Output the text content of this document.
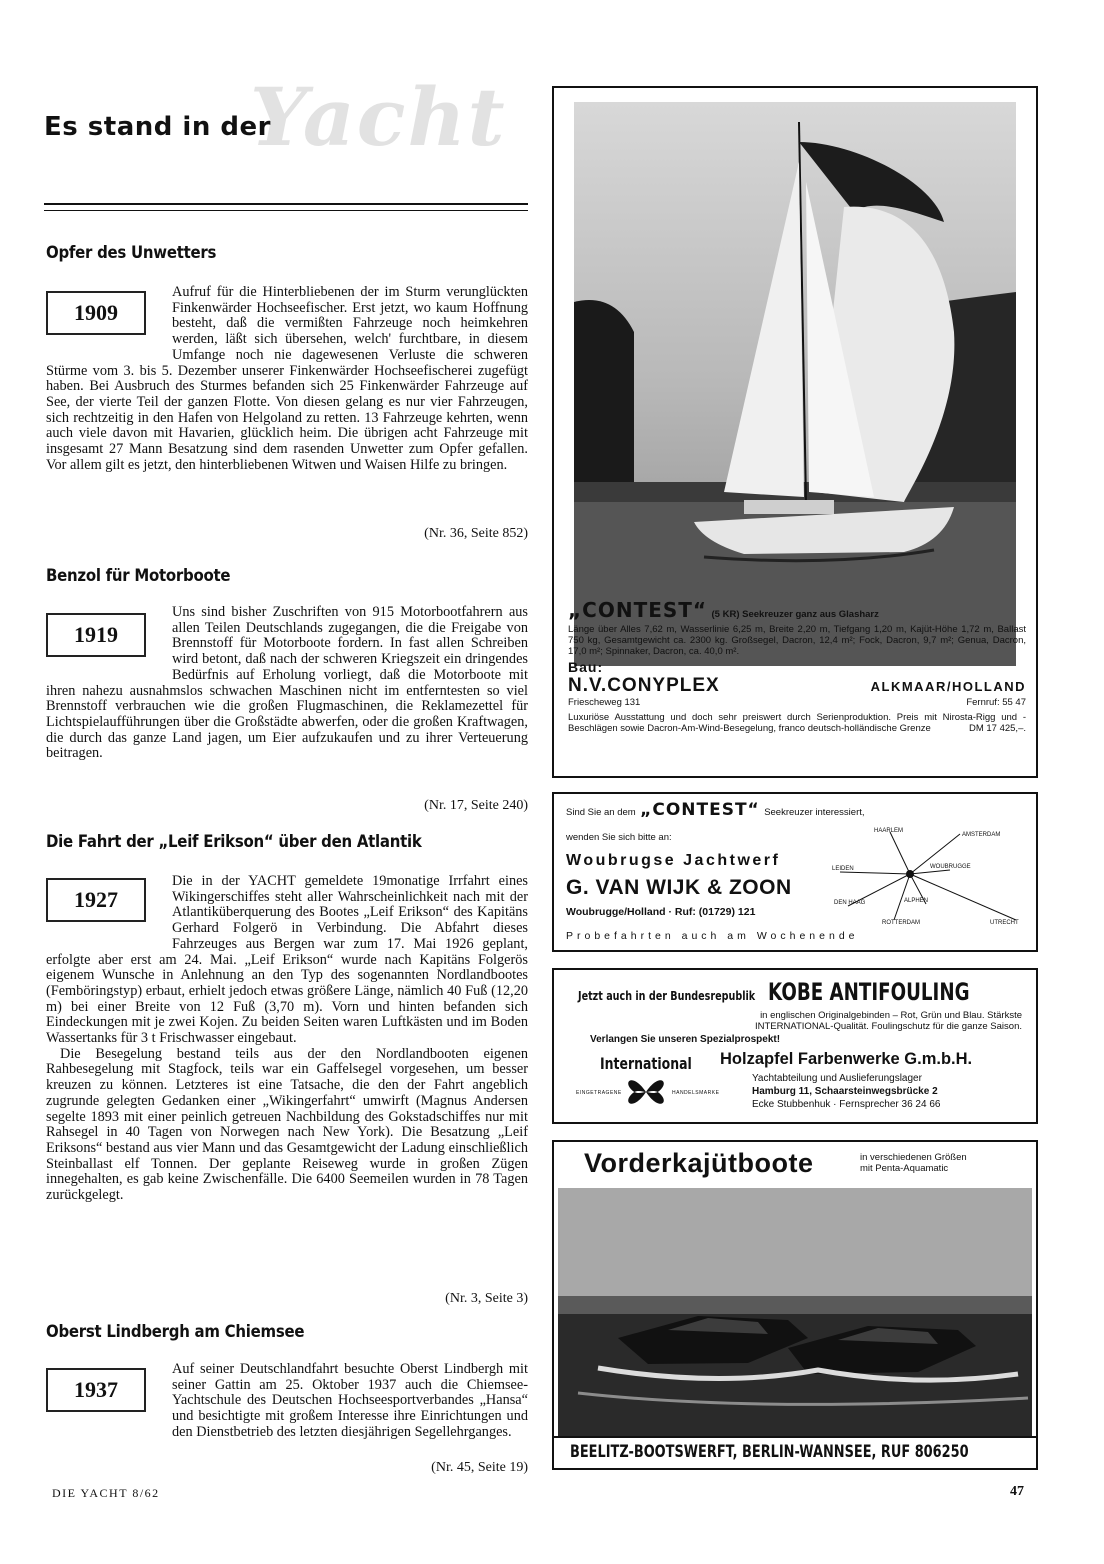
Yacht
Es stand in der
Opfer des Unwetters
1909
Aufruf für die Hinterbliebenen der im Sturm verunglückten Finkenwärder Hochseefischer. Erst jetzt, wo kaum Hoffnung besteht, daß die vermißten Fahrzeuge noch heimkehren werden, läßt sich übersehen, welch' furchtbare, in diesem Umfange noch nie dagewesenen Verluste die schweren Stürme vom 3. bis 5. Dezember unserer Finkenwärder Hochseefischerei zugefügt haben. Bei Ausbruch des Sturmes befanden sich 25 Finkenwärder Fahrzeuge auf See, der vierte Teil der ganzen Flotte. Von diesen gelang es nur vier Fahrzeugen, sich rechtzeitig in den Hafen von Helgoland zu retten. 13 Fahrzeuge kehrten, wenn auch viele davon mit Havarien, glücklich heim. Die übrigen acht Fahrzeuge mit insgesamt 27 Mann Besatzung sind dem rasenden Unwetter zum Opfer gefallen. Vor allem gilt es jetzt, den hinterbliebenen Witwen und Waisen Hilfe zu bringen.
(Nr. 36, Seite 852)
Benzol für Motorboote
1919
Uns sind bisher Zuschriften von 915 Motorbootfahrern aus allen Teilen Deutschlands zugegangen, die die Freigabe von Brennstoff für Motorboote fordern. In fast allen Schreiben wird betont, daß nach der schweren Kriegszeit ein dringendes Bedürfnis auf Erholung vorliegt, daß die Motorboote mit ihren nahezu ausnahmslos schwachen Maschinen nicht im entferntesten so viel Brennstoff verbrauchen wie die großen Flugmaschinen, die Reklamezettel für Lichtspielaufführungen über die Großstädte abwerfen, oder die großen Kraftwagen, die durch das ganze Land jagen, um Eier aufzukaufen und zu ihrer Verteuerung beitragen.
(Nr. 17, Seite 240)
Die Fahrt der „Leif Erikson“ über den Atlantik
1927
Die in der YACHT gemeldete 19monatige Irrfahrt eines Wikingerschiffes steht aller Wahrscheinlichkeit nach mit der Atlantiküberquerung des Bootes „Leif Erikson“ des Kapitäns Gerhard Folgerö in Verbindung. Die Abfahrt dieses Fahrzeuges aus Bergen war zum 17. Mai 1926 geplant, erfolgte aber erst am 24. Mai. „Leif Erikson“ wurde nach Kapitäns Folgerös eigenem Wunsche in Anlehnung an den Typ des sogenannten Nordlandbootes (Femböringstyp) erbaut, erhielt jedoch etwas größere Länge, nämlich 40 Fuß (12,20 m) bei einer Breite von 12 Fuß (3,70 m). Vorn und hinten befanden sich Eindeckungen mit je zwei Kojen. Zu beiden Seiten waren Luftkästen und im Boden Wassertanks für 3 t Frischwasser eingebaut.
Die Besegelung bestand teils aus der den Nordlandbooten eigenen Rahbesegelung mit Stagfock, teils war ein Gaffelsegel vorgesehen, um besser kreuzen zu können. Letzteres ist eine Tatsache, die den der Fahrt angeblich zugrunde gelegten Gedanken einer „Wikingerfahrt“ umwirft (Magnus Andersen segelte 1893 mit einer peinlich getreuen Nachbildung des Gokstadschiffes nur mit Rahsegel in 40 Tagen von Norwegen nach New York). Die Besatzung „Leif Eriksons“ bestand aus vier Mann und das Gesamtgewicht der Ladung einschließlich Steinballast elf Tonnen. Der geplante Reiseweg wurde in großen Zügen innegehalten, es gab keine Zwischenfälle. Die 6400 Seemeilen wurden in 78 Tagen zurückgelegt.
(Nr. 3, Seite 3)
Oberst Lindbergh am Chiemsee
1937
Auf seiner Deutschlandfahrt besuchte Oberst Lindbergh mit seiner Gattin am 25. Oktober 1937 auch die Chiemsee-Yachtschule des Deutschen Hochseesportverbandes „Hansa“ und besichtigte mit großem Interesse ihre Einrichtungen und den Dienstbetrieb des letzten diesjährigen Segellehrganges.
(Nr. 45, Seite 19)
DIE YACHT 8/62	47
„CONTEST“ (5 KR) Seekreuzer ganz aus Glasharz
Länge über Alles 7,62 m, Wasserlinie 6,25 m, Breite 2,20 m, Tiefgang 1,20 m, Kajüt-Höhe 1,72 m, Ballast 750 kg, Gesamtgewicht ca. 2300 kg. Großsegel, Dacron, 12,4 m²; Fock, Dacron, 9,7 m²; Genua, Dacron, 17,0 m²; Spinnaker, Dacron, ca. 40,0 m².
Bau:
N.V.CONYPLEX	ALKMAAR/HOLLAND
Friescheweg 131	Fernruf: 55 47
Luxuriöse Ausstattung und doch sehr preiswert durch Serienproduktion. Preis mit Nirosta-Rigg und -Beschlägen sowie Dacron-Am-Wind-Besegelung, franco deutsch-holländische Grenze	DM 17 425,–.
Sind Sie an dem „CONTEST“ Seekreuzer interessiert,
wenden Sie sich bitte an:
Woubrugse Jachtwerf
G. VAN WIJK & ZOON
Woubrugge/Holland · Ruf: (01729) 121
Probefahrten auch am Wochenende
HAARLEM
AMSTERDAM
LEIDEN	WOUBRUGGE
DEN HAAG	ALPHEN
ROTTERDAM	UTRECHT
Jetzt auch in der Bundesrepublik KOBE ANTIFOULING
in englischen Originalgebinden – Rot, Grün und Blau. Stärkste
INTERNATIONAL-Qualität. Foulingschutz für die ganze Saison.
Verlangen Sie unseren Spezialprospekt!
International
EINGETRAGENE	HANDELSMARKE
Holzapfel Farbenwerke G.m.b.H.
Yachtabteilung und Auslieferungslager
Hamburg 11, Schaarsteinwegsbrücke 2
Ecke Stubbenhuk · Fernsprecher 36 24 66
Vorderkajütboote	in verschiedenen Größen
mit Penta-Aquamatic
BEELITZ-BOOTSWERFT, BERLIN-WANNSEE, RUF 806250
